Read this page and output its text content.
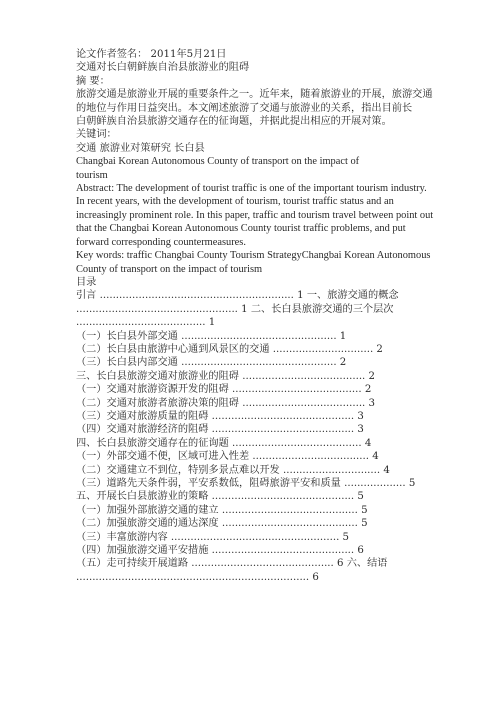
论文作者签名： 2011年5月21日

交通对长白朝鲜族自治县旅游业的阻碍

摘 要：

旅游交通是旅游业开展的重要条件之一。近年来，随着旅游业的开展，旅游交通

的地位与作用日益突出。本文阐述旅游了交通与旅游业的关系，指出目前长

白朝鲜族自治县旅游交通存在的征询题，并据此提出相应的开展对策。

关键词：

交通 旅游业对策研究 长白县

Changbai Korean Autonomous County of transport on the impact of

tourism

Abstract: The development of tourist traffic is one of the important tourism industry.

In recent years, with the development of tourism, tourist traffic status and an

increasingly prominent role. In this paper, traffic and tourism travel between point out

that the Changbai Korean Autonomous County tourist traffic problems, and put

forward corresponding countermeasures.

Key words: traffic Changbai County Tourism StrategyChangbai Korean Autonomous

County of transport on the impact of tourism

目录

引言 ............................................................ 1 一、旅游交通的概念

.................................................. 1 二、长白县旅游交通的三个层次

........................................ 1

（一）长白县外部交通 ................................................ 1

（二）长白县由旅游中心通到风景区的交通 ............................... 2

（三）长白县内部交通 ................................................ 2

三、长白县旅游交通对旅游业的阻碍 ...................................... 2

（一）交通对旅游资源开发的阻碍 ........................................ 2

（二）交通对旅游者旅游决策的阻碍 ...................................... 3

（三）交通对旅游质量的阻碍 ............................................ 3

（四）交通对旅游经济的阻碍 ............................................ 3

四、长白县旅游交通存在的征询题 ........................................ 4

（一）外部交通不便，区域可进入性差 .................................... 4

（二）交通建立不到位，特别多景点难以开发 .............................. 4

（三）道路先天条件弱，平安系数低，阻碍旅游平安和质量 ................... 5

五、开展长白县旅游业的策略 ............................................ 5

（一）加强外部旅游交通的建立 .......................................... 5

（二）加强旅游交通的通达深度 .......................................... 5

（三）丰富旅游内容 .................................................... 5

（四）加强旅游交通平安措施 ............................................ 6

（五）走可持续开展道路 ............................................ 6 六、结语

........................................................................ 6
